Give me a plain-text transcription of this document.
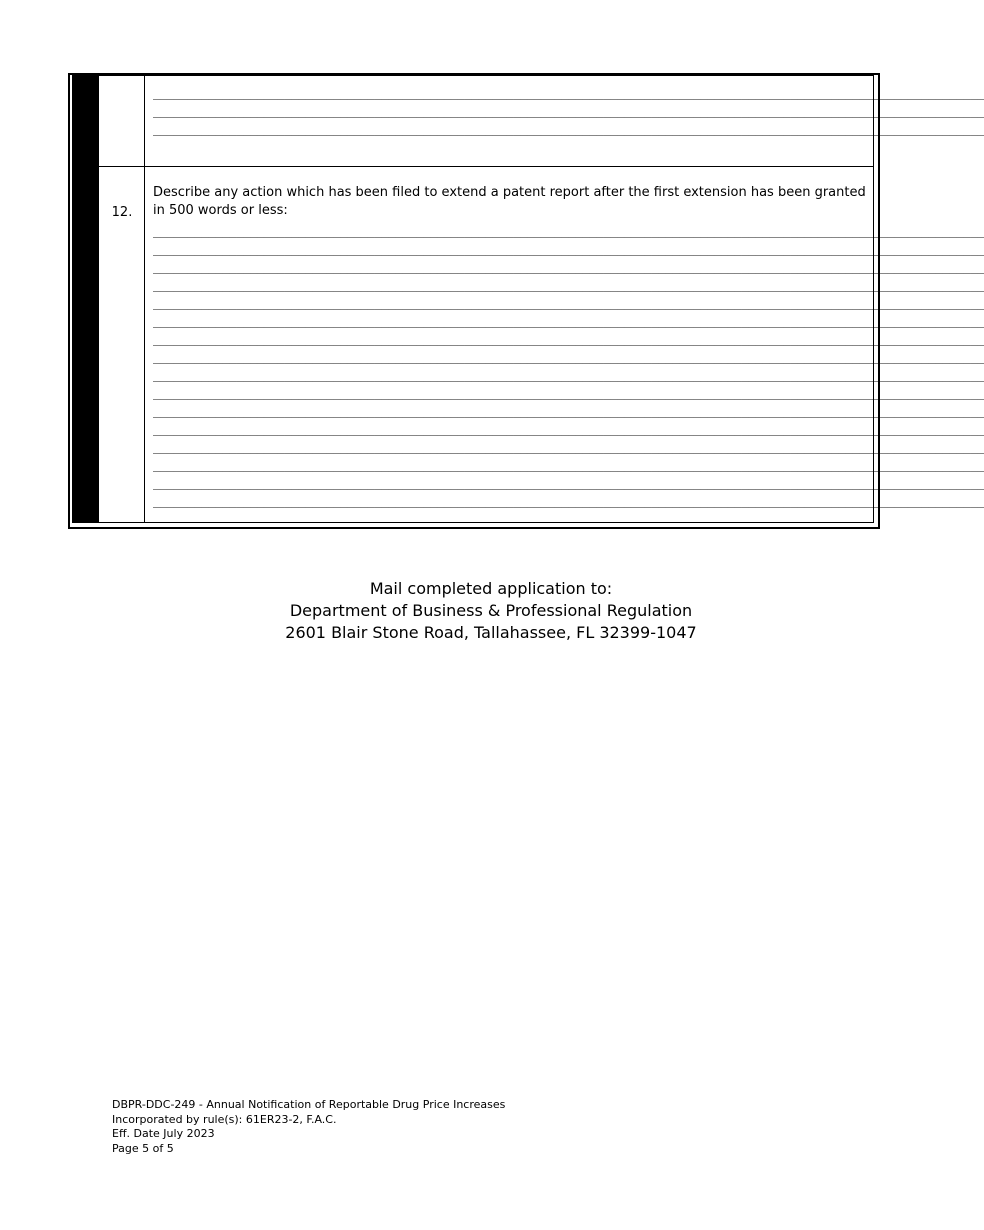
________________________________________________________________________________________________________________________
________________________________________________________________________________________________________________________
________________________________________________________________________________________________________________________
12.
Describe any action which has been filed to extend a patent report after the first extension has been granted in 500 words or less:
________________________________________________________________________________________________________________________
________________________________________________________________________________________________________________________
________________________________________________________________________________________________________________________
________________________________________________________________________________________________________________________
________________________________________________________________________________________________________________________
________________________________________________________________________________________________________________________
________________________________________________________________________________________________________________________
________________________________________________________________________________________________________________________
________________________________________________________________________________________________________________________
________________________________________________________________________________________________________________________
________________________________________________________________________________________________________________________
________________________________________________________________________________________________________________________
________________________________________________________________________________________________________________________
________________________________________________________________________________________________________________________
________________________________________________________________________________________________________________________
________________________________________________________________________________________________________________________
Mail completed application to:
Department of Business & Professional Regulation
2601 Blair Stone Road, Tallahassee, FL 32399-1047
DBPR-DDC-249 - Annual Notification of Reportable Drug Price Increases
Incorporated by rule(s): 61ER23-2, F.A.C.
Eff. Date July 2023
Page 5 of 5
